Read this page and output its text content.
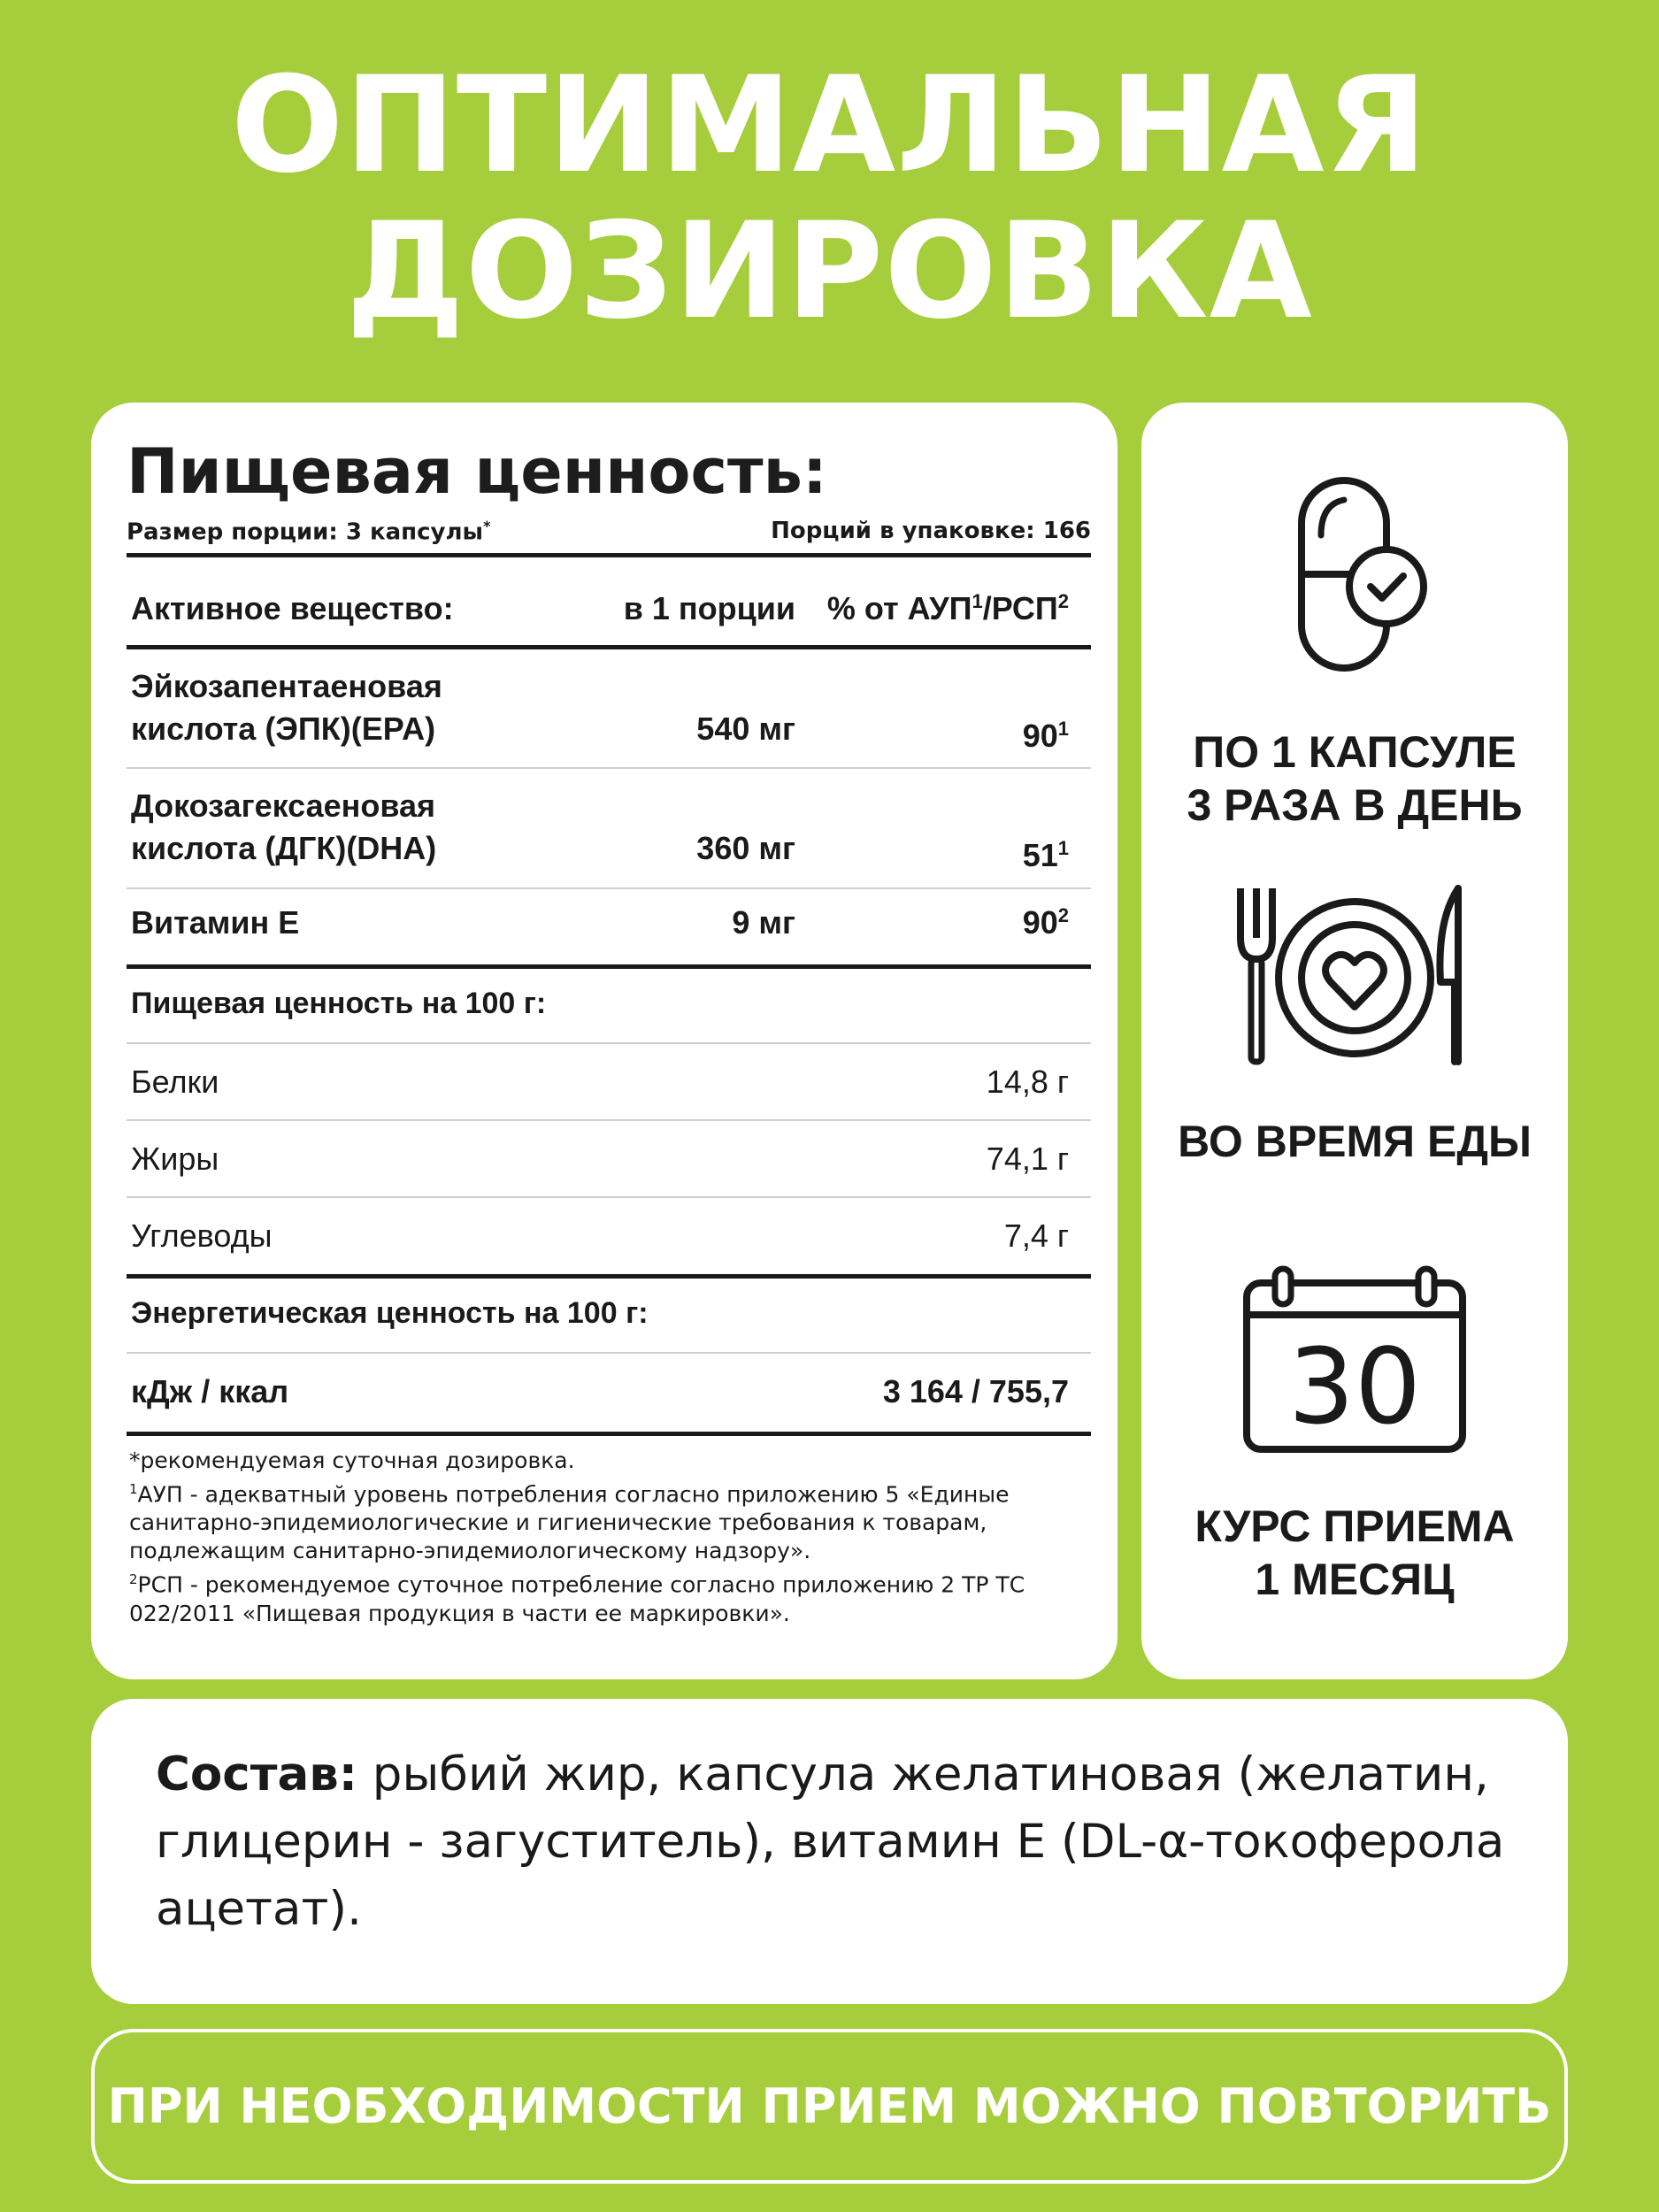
ОПТИМАЛЬНАЯ
ДОЗИРОВКА
Пищевая ценность:
Размер порции: 3 капсулы*	Порций в упаковке: 166
Активное вещество:	в 1 порции % от АУП$^1$/РСП$^2$
Эйкозапентаеновая
кислота (ЭПК)(EPA)	540 мг	$90^1$
Докозагексаеновая
кислота (ДГК)(DHA)	360 мг	$51^1$
Витамин Е	9 мг	$90^2$
Пищевая ценность на 100 г:
Белки	14,8 г
Жиры	74,1 г
Углеводы	7,4 г
Энергетическая ценность на 100 г:
кДж / ккал	3 164 / 755,7
*рекомендуемая суточная дозировка.
$^1$АУП - адекватный уровень потребления согласно приложению 5 «Единые санитарно-эпидемиологические и гигиенические требования к товарам, подлежащим санитарно-эпидемиологическому надзору».
$^2$РСП - рекомендуемое суточное потребление согласно приложению 2 ТР ТС 022/2011 «Пищевая продукция в части ее маркировки».
ПО 1 КАПСУЛЕ
3 РАЗА В ДЕНЬ
ВО ВРЕМЯ ЕДЫ
30
КУРС ПРИЕМА
1 МЕСЯЦ
Состав: рыбий жир, капсула желатиновая (желатин, глицерин - загуститель), витамин Е (DL-α-токоферола ацетат).
ПРИ НЕОБХОДИМОСТИ ПРИЕМ МОЖНО ПОВТОРИТЬ
